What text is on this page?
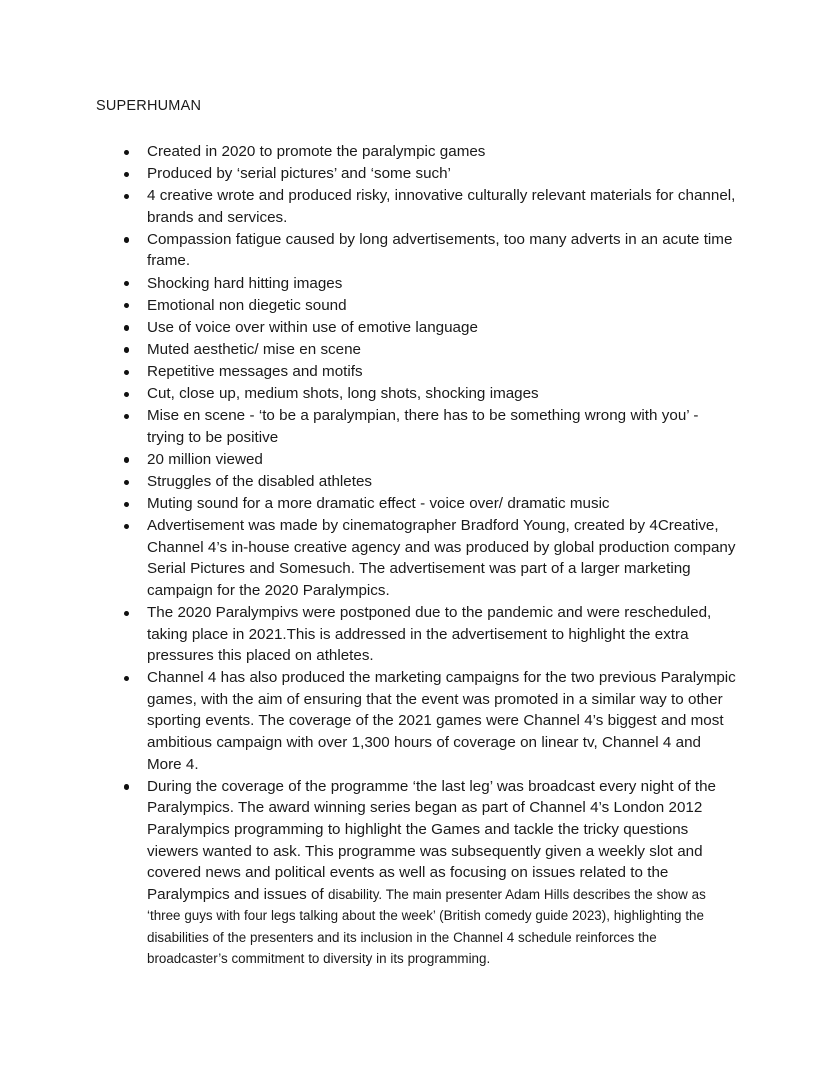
SUPERHUMAN
Created in 2020 to promote the paralympic games
Produced by ‘serial pictures’ and ‘some such’
4 creative wrote and produced risky, innovative culturally relevant materials for channel, brands and services.
Compassion fatigue caused by long advertisements, too many adverts in an acute time frame.
Shocking hard hitting images
Emotional non diegetic sound
Use of voice over within use of emotive language
Muted aesthetic/ mise en scene
Repetitive messages and motifs
Cut, close up, medium shots, long shots, shocking images
Mise en scene - ‘to be a paralympian, there has to be something wrong with you’ - trying to be positive
20 million viewed
Struggles of the disabled athletes
Muting sound for a more dramatic effect - voice over/ dramatic music
Advertisement was made by cinematographer Bradford Young, created by 4Creative, Channel 4’s in-house creative agency and was produced by global production company Serial Pictures and Somesuch. The advertisement was part of a larger marketing campaign for the 2020 Paralympics.
The 2020 Paralympivs were postponed due to the pandemic and were rescheduled, taking place in 2021.This is addressed in the advertisement to highlight the extra pressures this placed on athletes.
Channel 4 has also produced the marketing campaigns for the two previous Paralympic games, with the aim of ensuring that the event was promoted in a similar way to other sporting events. The coverage of the 2021 games were Channel 4’s biggest and most ambitious campaign with over 1,300 hours of coverage on linear tv, Channel 4 and More 4.
During the coverage of the programme ‘the last leg’ was broadcast every night of the Paralympics. The award winning series began as part of Channel 4’s London 2012 Paralympics programming to highlight the Games and tackle the tricky questions viewers wanted to ask. This programme was subsequently given a weekly slot and covered news and political events as well as focusing on issues related to the Paralympics and issues of disability. The main presenter Adam Hills describes the show as ‘three guys with four legs talking about the week’ (British comedy guide 2023), highlighting the disabilities of the presenters and its inclusion in the Channel 4 schedule reinforces the broadcaster’s commitment to diversity in its programming.
